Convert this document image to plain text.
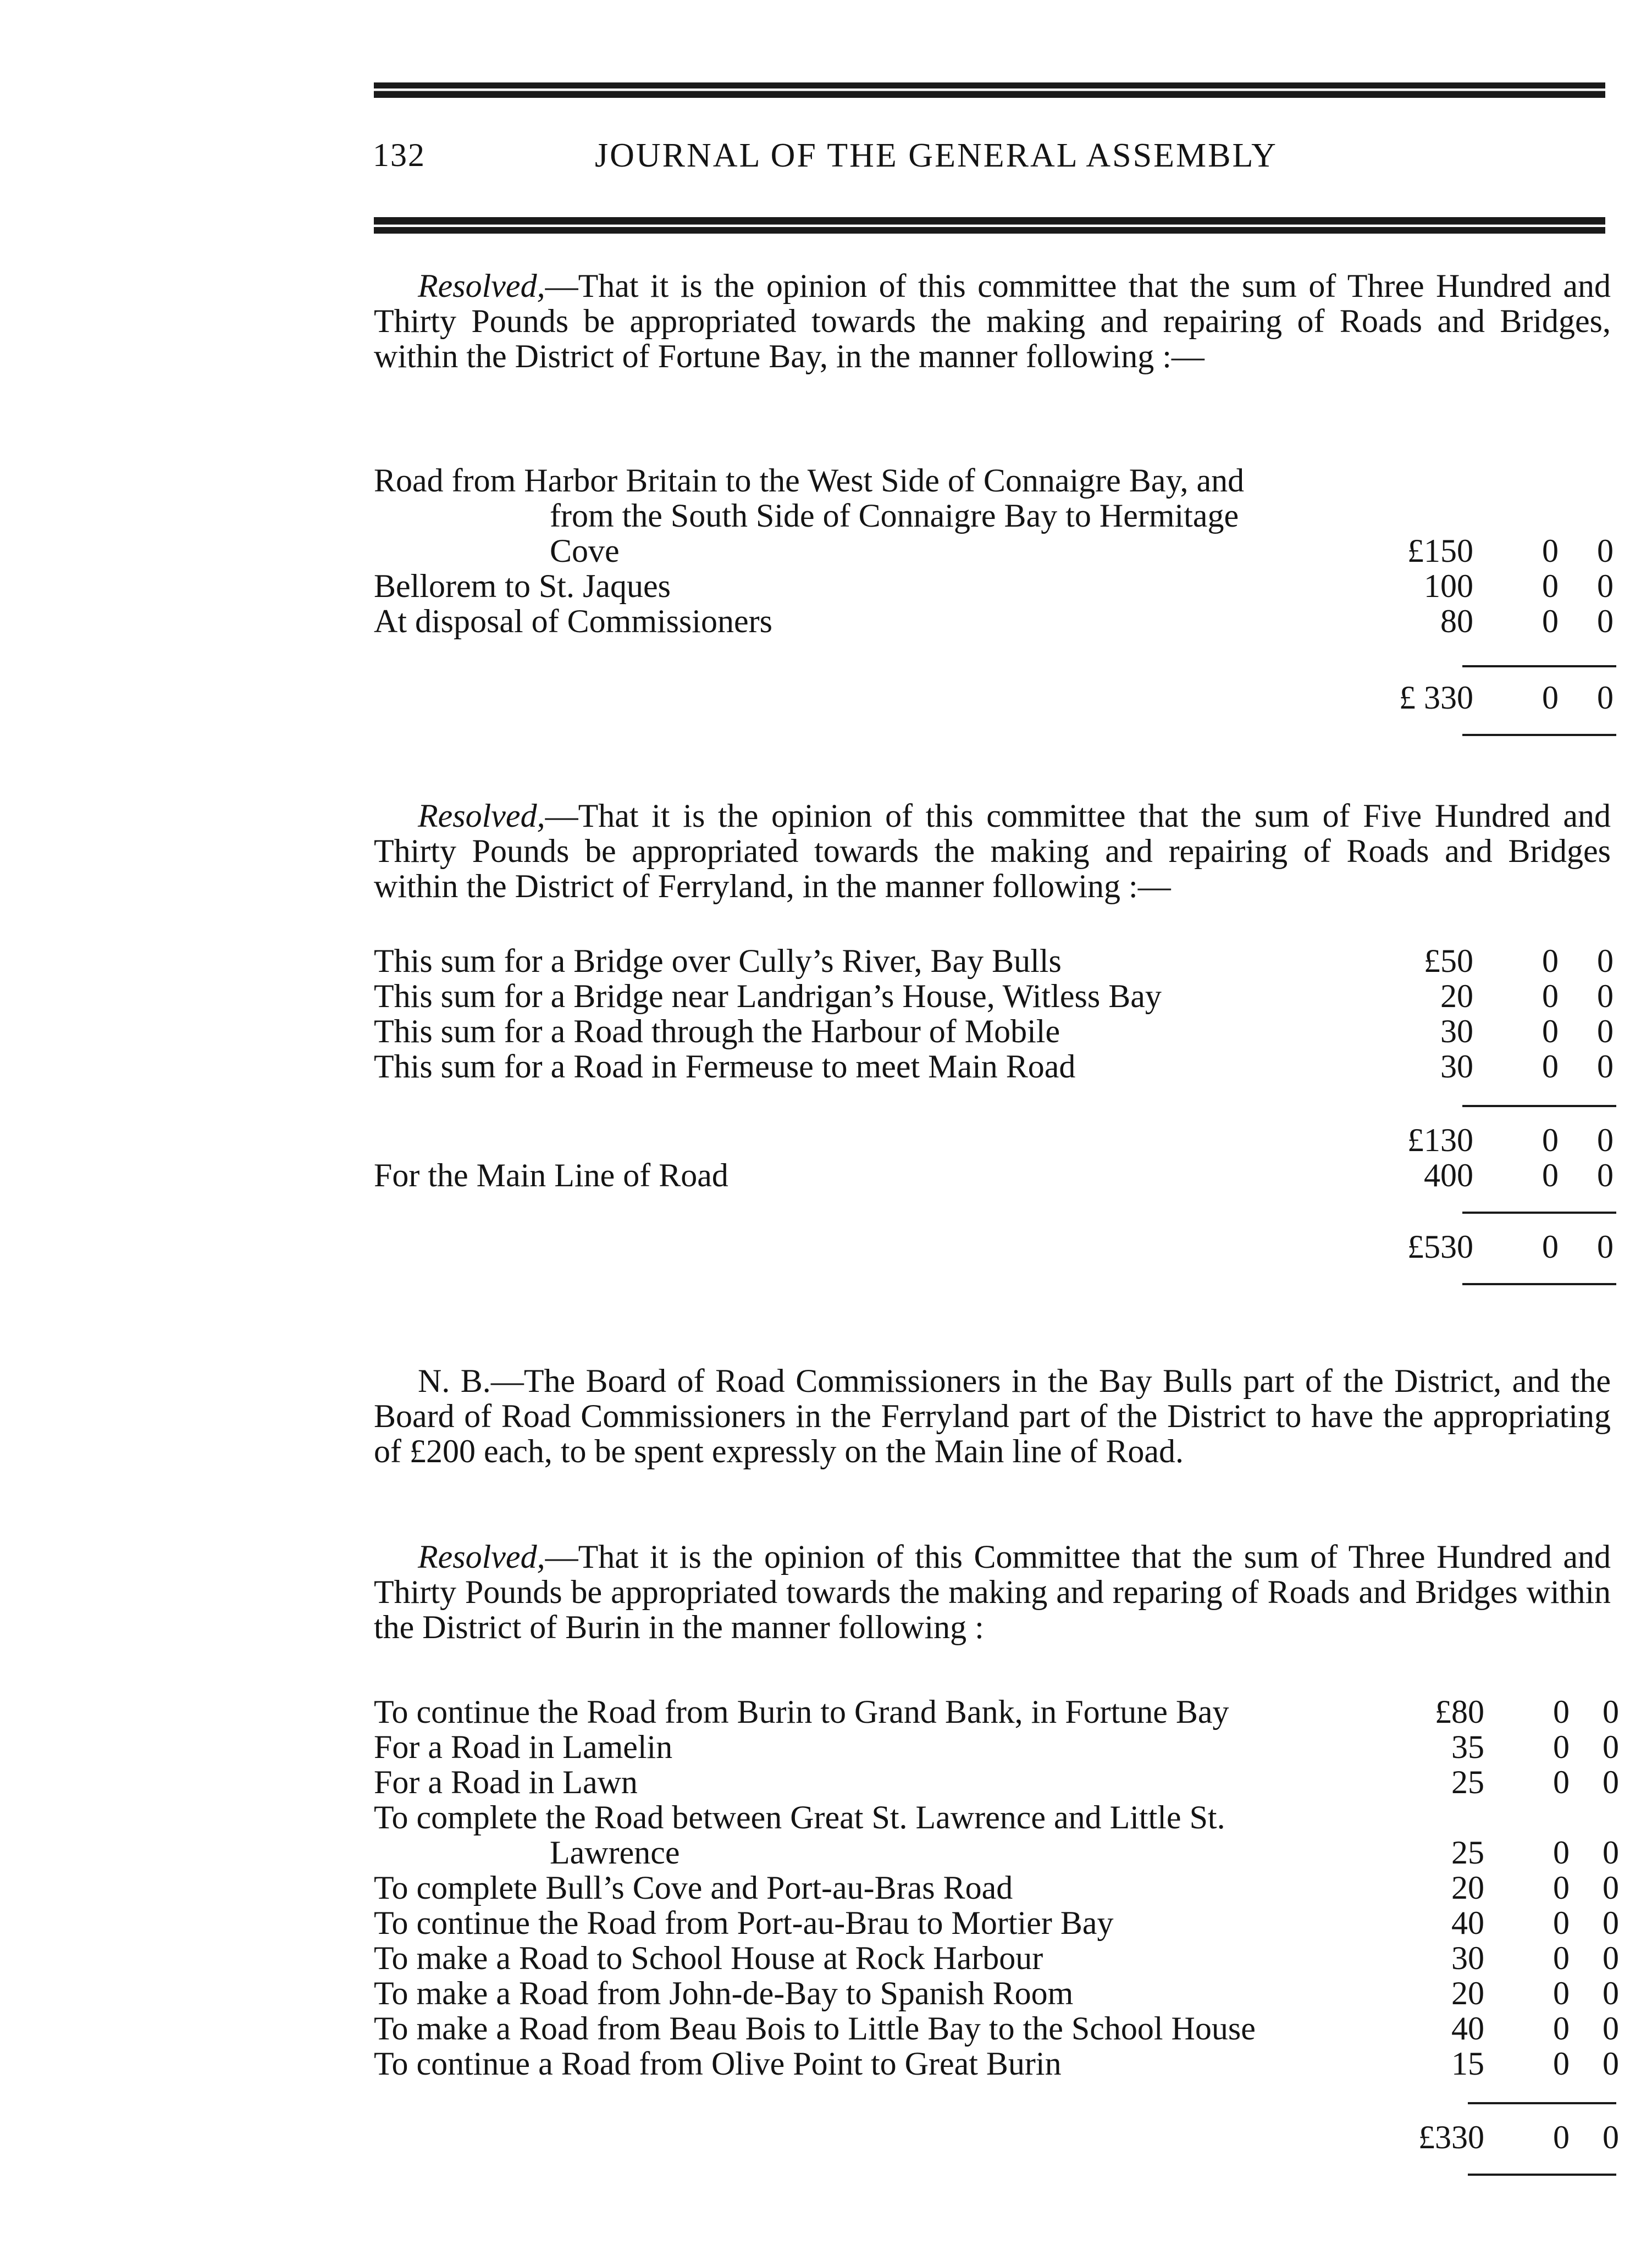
132	JOURNAL OF THE GENERAL ASSEMBLY
Resolved,—That it is the opinion of this committee that the sum of Three Hundred and Thirty Pounds be appropriated towards the making and repairing of Roads and Bridges, within the District of Fortune Bay, in the manner following :—
Road from Harbor Britain to the West Side of Connaigre Bay, and
from the South Side of Connaigre Bay to Hermitage
Cove	£150 0 0
Bellorem to St. Jaques	100 0 0
At disposal of Commissioners	80 0 0
£ 330 0 0
Resolved,—That it is the opinion of this committee that the sum of Five Hundred and Thirty Pounds be appropriated towards the making and repairing of Roads and Bridges within the District of Ferryland, in the manner following :—
This sum for a Bridge over Cully’s River, Bay Bulls	£50 0 0
This sum for a Bridge near Landrigan’s House, Witless Bay	20 0 0
This sum for a Road through the Harbour of Mobile	30 0 0
This sum for a Road in Fermeuse to meet Main Road	30 0 0
£130 0 0
For the Main Line of Road	400 0 0
£530 0 0
N. B.—The Board of Road Commissioners in the Bay Bulls part of the District, and the Board of Road Commissioners in the Ferryland part of the District to have the appropriating of £200 each, to be spent expressly on the Main line of Road.
Resolved,—That it is the opinion of this Committee that the sum of Three Hundred and Thirty Pounds be appropriated towards the making and reparing of Roads and Bridges within the District of Burin in the manner following :
To continue the Road from Burin to Grand Bank, in Fortune Bay	£80 0 0
For a Road in Lamelin	35 0 0
For a Road in Lawn	25 0 0
To complete the Road between Great St. Lawrence and Little St.
Lawrence	25 0 0
To complete Bull’s Cove and Port-au-Bras Road	20 0 0
To continue the Road from Port-au-Brau to Mortier Bay	40 0 0
To make a Road to School House at Rock Harbour	30 0 0
To make a Road from John-de-Bay to Spanish Room	20 0 0
To make a Road from Beau Bois to Little Bay to the School House	40 0 0
To continue a Road from Olive Point to Great Burin	15 0 0
£330 0 0
